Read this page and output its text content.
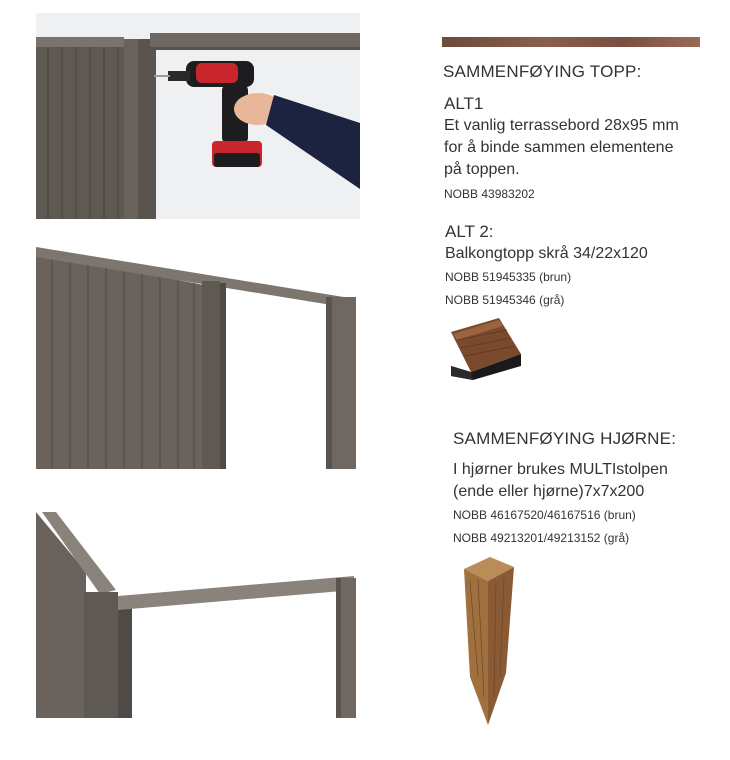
SAMMENFØYING TOPP:
ALT1
Et vanlig terrassebord 28x95 mm
for å binde sammen elementene
på toppen.
NOBB 43983202
ALT 2:
Balkongtopp skrå 34/22x120
NOBB 51945335 (brun)
NOBB 51945346 (grå)
SAMMENFØYING HJØRNE:
I hjørner brukes MULTIstolpen
(ende eller hjørne)7x7x200
NOBB 46167520/46167516 (brun)
NOBB 49213201/49213152 (grå)
